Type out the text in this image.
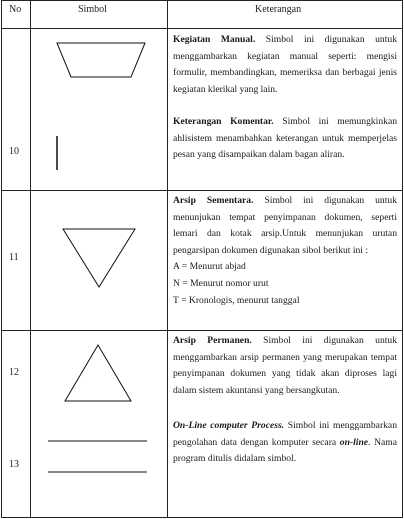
No	Simbol	Keterangan
10
11
12
13

Kegiatan Manual. Simbol ini digunakan untuk menggambarkan kegiatan manual seperti: mengisi formulir, membandingkan, memeriksa dan berbagai jenis kegiatan klerikal yang lain.

Keterangan Komentar. Simbol ini memungkinkan ahlisistem menambahkan keterangan untuk memperjelas pesan yang disampaikan dalam bagan aliran.

Arsip Sementara. Simbol ini digunakan untuk menunjukan tempat penyimpanan dokumen, seperti lemari dan kotak arsip.Untuk menunjukan urutan pengarsipan dokumen digunakan sibol berikut ini :

A = Menurut abjad

N = Menurut nomor urut

T = Kronologis, menurut tanggal

Arsip Permanen. Simbol ini digunakan untuk menggambarkan arsip permanen yang merupakan tempat penyimpanan dokumen yang tidak akan diproses lagi dalam sistem akuntansi yang bersangkutan.

On-Line computer Process. Simbol ini menggambarkan pengolahan data dengan komputer secara on-line. Nama program ditulis didalam simbol.
